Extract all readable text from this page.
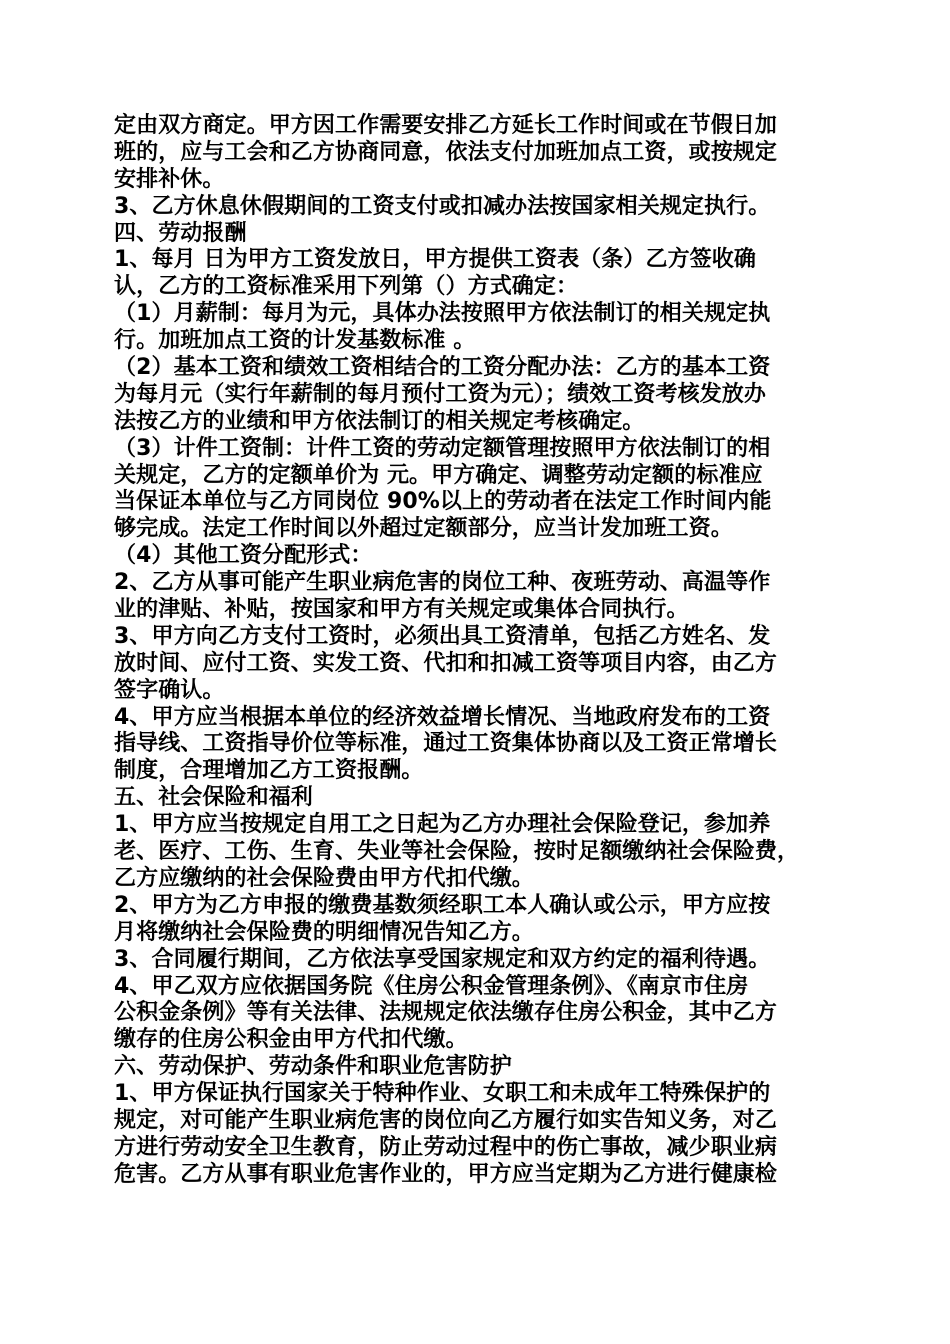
定由双方商定。甲方因工作需要安排乙方延长工作时间或在节假日加
班的，应与工会和乙方协商同意，依法支付加班加点工资，或按规定
安排补休。
3、乙方休息休假期间的工资支付或扣减办法按国家相关规定执行。
四、劳动报酬
1、每月 日为甲方工资发放日，甲方提供工资表（条）乙方签收确
认，乙方的工资标准采用下列第（）方式确定：
（1）月薪制：每月为元，具体办法按照甲方依法制订的相关规定执
行。加班加点工资的计发基数标准 。
（2）基本工资和绩效工资相结合的工资分配办法：乙方的基本工资
为每月元（实行年薪制的每月预付工资为元）；绩效工资考核发放办
法按乙方的业绩和甲方依法制订的相关规定考核确定。
（3）计件工资制：计件工资的劳动定额管理按照甲方依法制订的相
关规定，乙方的定额单价为 元。甲方确定、调整劳动定额的标准应
当保证本单位与乙方同岗位 90%以上的劳动者在法定工作时间内能
够完成。法定工作时间以外超过定额部分，应当计发加班工资。
（4）其他工资分配形式：
2、乙方从事可能产生职业病危害的岗位工种、夜班劳动、高温等作
业的津贴、补贴，按国家和甲方有关规定或集体合同执行。
3、甲方向乙方支付工资时，必须出具工资清单，包括乙方姓名、发
放时间、应付工资、实发工资、代扣和扣减工资等项目内容，由乙方
签字确认。
4、甲方应当根据本单位的经济效益增长情况、当地政府发布的工资
指导线、工资指导价位等标准，通过工资集体协商以及工资正常增长
制度，合理增加乙方工资报酬。
五、社会保险和福利
1、甲方应当按规定自用工之日起为乙方办理社会保险登记，参加养
老、医疗、工伤、生育、失业等社会保险，按时足额缴纳社会保险费，
乙方应缴纳的社会保险费由甲方代扣代缴。
2、甲方为乙方申报的缴费基数须经职工本人确认或公示，甲方应按
月将缴纳社会保险费的明细情况告知乙方。
3、合同履行期间，乙方依法享受国家规定和双方约定的福利待遇。
4、甲乙双方应依据国务院《住房公积金管理条例》、《南京市住房
公积金条例》等有关法律、法规规定依法缴存住房公积金，其中乙方
缴存的住房公积金由甲方代扣代缴。
六、劳动保护、劳动条件和职业危害防护
1、甲方保证执行国家关于特种作业、女职工和未成年工特殊保护的
规定，对可能产生职业病危害的岗位向乙方履行如实告知义务，对乙
方进行劳动安全卫生教育，防止劳动过程中的伤亡事故，减少职业病
危害。乙方从事有职业危害作业的，甲方应当定期为乙方进行健康检
